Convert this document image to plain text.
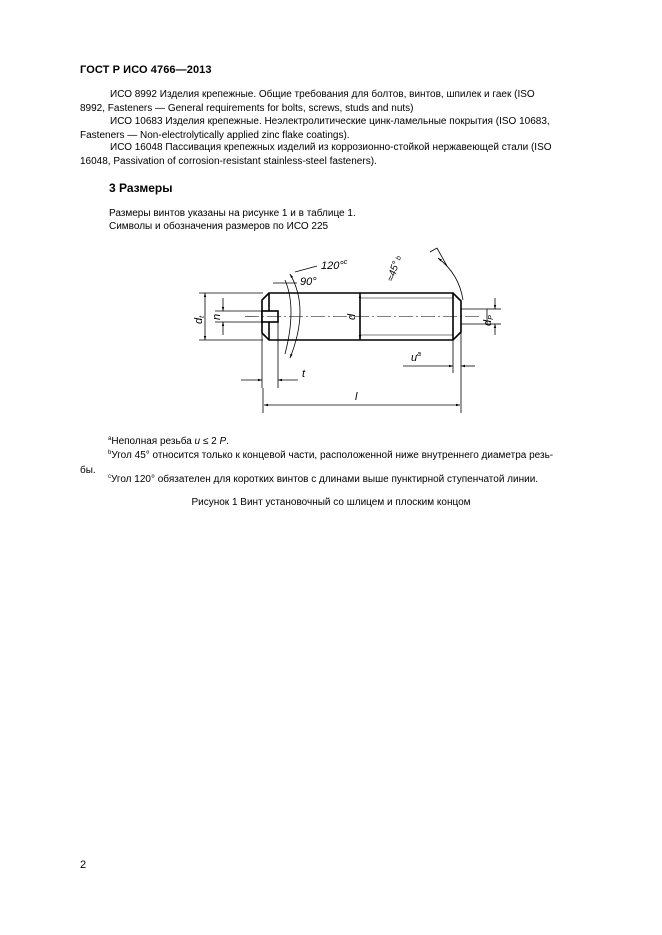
ГОСТ Р ИСО 4766—2013
ИСО 8992 Изделия крепежные. Общие требования для болтов, винтов, шпилек и гаек (ISO
8992, Fasteners — General requirements for bolts, screws, studs and nuts)
ИСО 10683 Изделия крепежные. Неэлектролитические цинк-ламельные покрытия (ISO 10683,
Fasteners — Non-electrolytically applied zinc flake coatings).
ИСО 16048 Пассивация крепежных изделий из коррозионно-стойкой нержавеющей стали (ISO
16048, Passivation of corrosion-resistant stainless-steel fasteners).
3 Размеры
Размеры винтов указаны на рисунке 1 и в таблице 1.
Символы и обозначения размеров по ИСО 225
120°$^c$
90°	≈45°b
dt n	d
dP
t
$u^a$
l
$^a$Неполная резьба u ≤ 2 P.
$^b$Угол 45° относится только к концевой части, расположенной ниже внутреннего диаметра резь-
бы.
$^c$Угол 120° обязателен для коротких винтов с длинами выше пунктирной ступенчатой линии.
Рисунок 1 Винт установочный со шлицем и плоским концом
2
